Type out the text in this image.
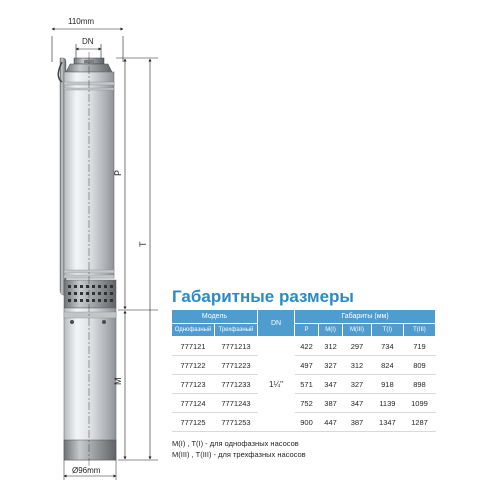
110mm
DN
P
T
M
Ø96mm
Габаритные размеры
Модель		DN	Габариты (мм)				
Однофазный	Трехфазный		P	M(I)	M(III)	T(I)	T(III)
777121	7771213	1¼"	422	312	297	734	719
777122	7771223		497	327	312	824	809
777123	7771233		571	347	327	918	898
777124	7771243		752	387	347	1139	1099
777125	7771253		900	447	387	1347	1287
M(I) , T(I) - для однофазных насосов
M(III) , T(III) - для трехфазных насосов
